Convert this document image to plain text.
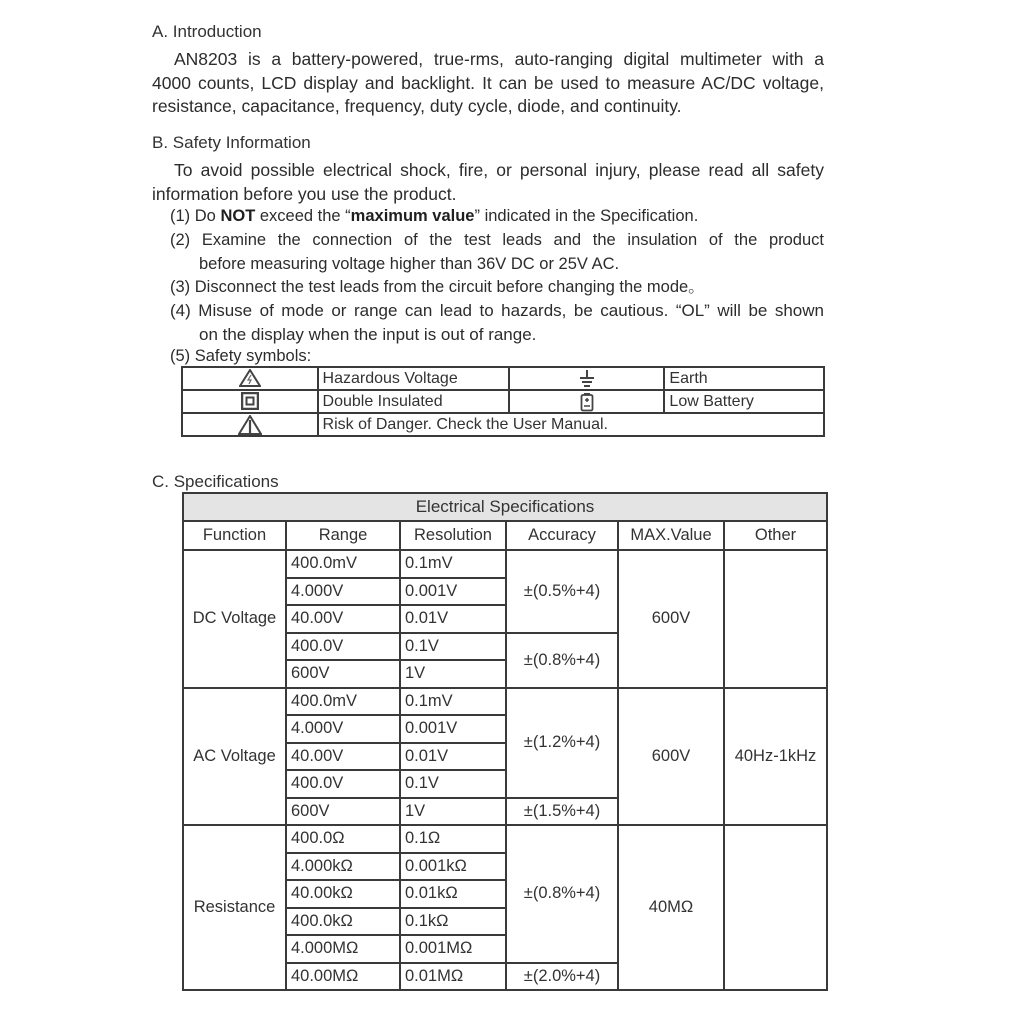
A. Introduction
AN8203 is a battery-powered, true-rms, auto-ranging digital multimeter with a
4000 counts, LCD display and backlight. It can be used to measure AC/DC voltage,
resistance, capacitance, frequency, duty cycle, diode, and continuity.
B. Safety Information
To avoid possible electrical shock, fire, or personal injury, please read all safety
information before you use the product.
(1) Do NOT exceed the “maximum value” indicated in the Specification.
(2) Examine the connection of the test leads and the insulation of the product
before measuring voltage higher than 36V DC or 25V AC.
(3) Disconnect the test leads from the circuit before changing the mode。
(4) Misuse of mode or range can lead to hazards, be cautious. “OL” will be shown
on the display when the input is out of range.
(5) Safety symbols:
	Hazardous Voltage		Earth
	Double Insulated		Low Battery
	Risk of Danger. Check the User Manual.		
C. Specifications
Electrical Specifications					
Function	Range	Resolution	Accuracy	MAX.Value	Other
DC Voltage	400.0mV	0.1mV	±(0.5%+4)	600V	
	4.000V	0.001V			
	40.00V	0.01V			
	400.0V	0.1V	±(0.8%+4)		
	600V	1V			
AC Voltage	400.0mV	0.1mV	±(1.2%+4)	600V	40Hz-1kHz
	4.000V	0.001V			
	40.00V	0.01V			
	400.0V	0.1V			
	600V	1V	±(1.5%+4)		
Resistance	400.0Ω	0.1Ω	±(0.8%+4)	40MΩ	
	4.000kΩ	0.001kΩ			
	40.00kΩ	0.01kΩ			
	400.0kΩ	0.1kΩ			
	4.000MΩ	0.001MΩ			
	40.00MΩ	0.01MΩ	±(2.0%+4)		
